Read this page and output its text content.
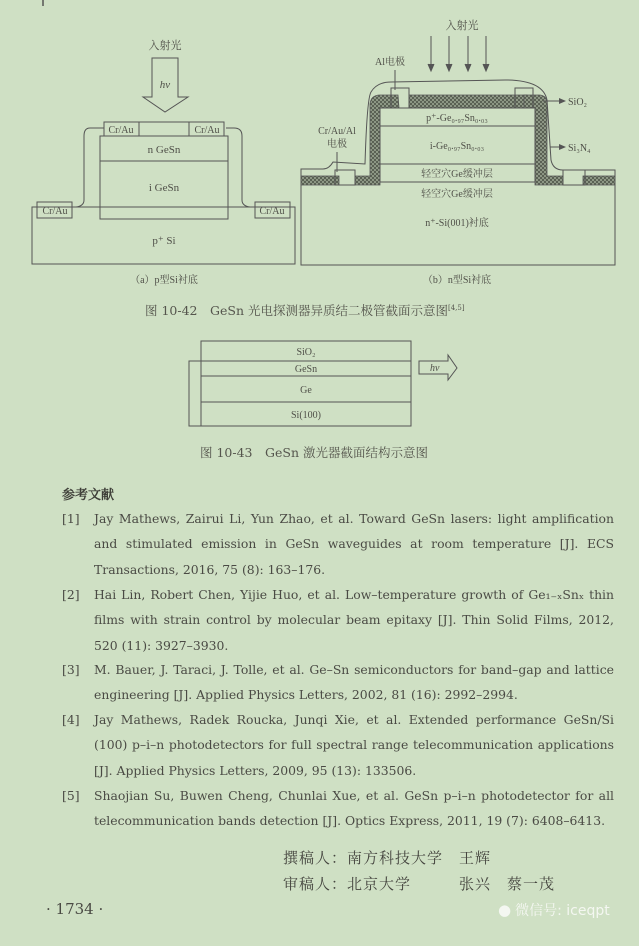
入射光
hν
Cr/Au	Cr/Au
n GeSn
i GeSn
Cr/Au	Cr/Au
p⁺ Si
（a）p型Si衬底
入射光
Al电极
p⁺-Ge₀.₉₇Sn₀.₀₃
i-Ge₀.₉₇Sn₀.₀₃
轻空穴Ge缓冲层
轻空穴Ge缓冲层
n⁺-Si(001)衬底
Cr/Au/Al
电极
SiO₂
Si₃N₄
（b）n型Si衬底
图 10-42　GeSn 光电探测器异质结二极管截面示意图[4,5]
SiO₂
GeSn
Ge
Si(100)
hν
图 10-43　GeSn 激光器截面结构示意图
参考文献
[1] Jay Mathews, Zairui Li, Yun Zhao, et al. Toward GeSn lasers: light amplification and stimulated emission in GeSn waveguides at room temperature [J]. ECS Transactions, 2016, 75 (8): 163–176.
[2] Hai Lin, Robert Chen, Yijie Huo, et al. Low–temperature growth of Ge₁₋ₓSnₓ thin films with strain control by molecular beam epitaxy [J]. Thin Solid Films, 2012, 520 (11): 3927–3930.
[3] M. Bauer, J. Taraci, J. Tolle, et al. Ge–Sn semiconductors for band–gap and lattice engineering [J]. Applied Physics Letters, 2002, 81 (16): 2992–2994.
[4] Jay Mathews, Radek Roucka, Junqi Xie, et al. Extended performance GeSn/Si (100) p–i–n photodetectors for full spectral range telecommunication applications [J]. Applied Physics Letters, 2009, 95 (13): 133506.
[5] Shaojian Su, Buwen Cheng, Chunlai Xue, et al. GeSn p–i–n photodetector for all telecommunication bands detection [J]. Optics Express, 2011, 19 (7): 6408–6413.
撰稿人：南方科技大学　王辉
审稿人：北京大学　　　张兴　蔡一茂
· 1734 ·	● 微信号: iceqpt
